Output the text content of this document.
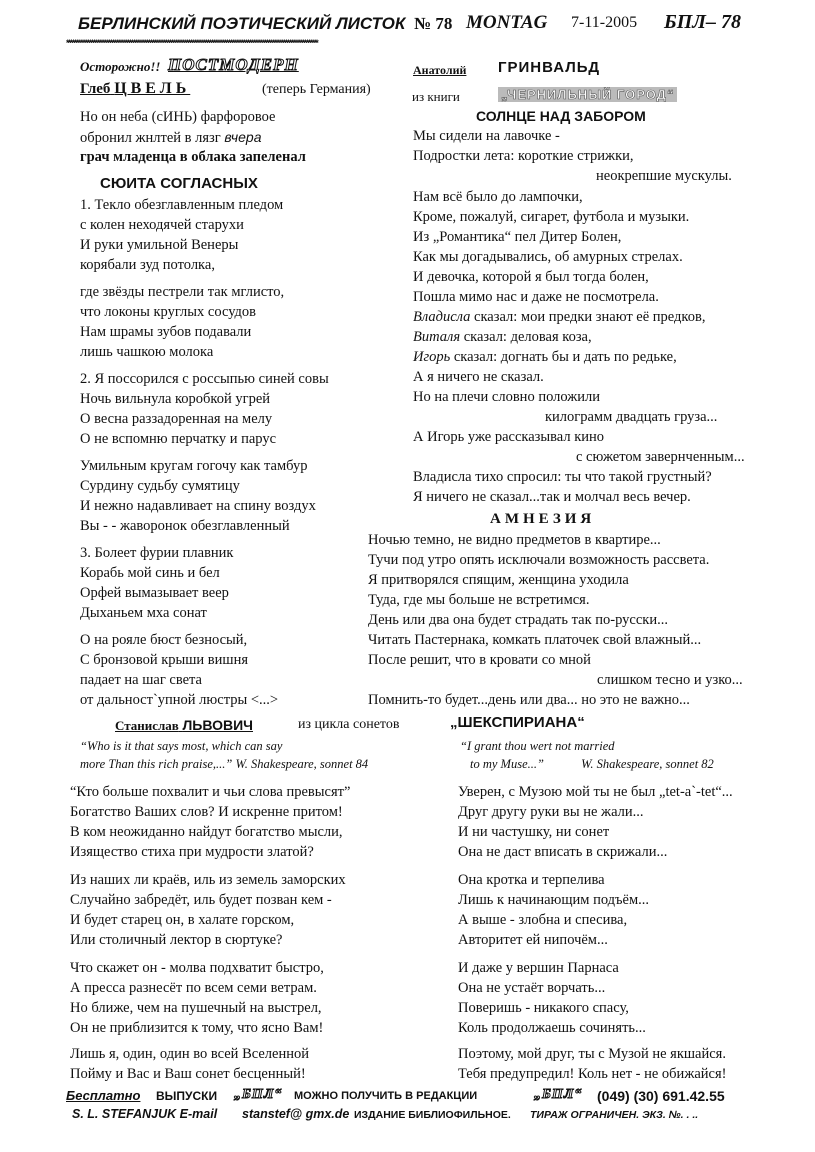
БЕРЛИНСКИЙ ПОЭТИЧЕСКИЙ ЛИСТОК № 78 MONTAG 7-11-2005 БПЛ– 78
************************************************************************************************************************************
Осторожно!! ПОСТМОДЕРН
Глеб ЦВЕЛЬ	(теперь Германия)
Но он неба (сИНЬ) фарфоровое
обронил жнлтей в лязг вчера
грач младенца в облака запеленал
СЮИТА СОГЛАСНЫХ
1. Текло обезглавленным пледом
с колен неходячей старухи
И руки умильной Венеры
корябали зуд потолка,
где звёзды пестрели так мглисто,
что локоны круглых сосудов
Нам шрамы зубов подавали
лишь чашкою молока
2. Я поссорился с россыпью синей совы
Ночь вильнула коробкой угрей
О весна раззадоренная на мелу
О не вспомню перчатку и парус
Умильным кругам гогочу как тамбур
Сурдину судьбу сумятицу
И нежно надавливает на спину воздух
Вы - - жаворонок обезглавленный
3. Болеет фурии плавник
Корабь мой синь и бел
Орфей вымазывает веер
Дыханьем мха сонат
О на рояле бюст безносый,
С бронзовой крыши вишня
падает на шаг света
от дальност`упной люстры <...>
Анатолий ГРИНВАЛЬД
из книги	„ЧЕРНИЛЬНЫЙ ГОРОД“
СОЛНЦЕ НАД ЗАБОРОМ
Мы сидели на лавочке -
Подростки лета: короткие стрижки,
неокрепшие мускулы.
Нам всё было до лампочки,
Кроме, пожалуй, сигарет, футбола и музыки.
Из „Романтика“ пел Дитер Болен,
Как мы догадывались, об амурных стрелах.
И девочка, которой я был тогда болен,
Пошла мимо нас и даже не посмотрела.
Владисла сказал: мои предки знают её предков,
Виталя сказал: деловая коза,
Игорь сказал: догнать бы и дать по редьке,
А я ничего не сказал.
Но на плечи словно положили
килограмм двадцать груза...
А Игорь уже рассказывал кино
с сюжетом завернченным...
Владисла тихо спросил: ты что такой грустный?
Я ничего не сказал...так и молчал весь вечер.
АМНЕЗИЯ
Ночью темно, не видно предметов в квартире...
Тучи под утро опять исключали возможность рассвета.
Я притворялся спящим, женщина уходила
Туда, где мы больше не встретимся.
День или два она будет страдать так по-русски...
Читать Пастернака, комкать платочек свой влажный...
После решит, что в кровати со мной
слишком тесно и узко...
Помнить-то будет...день или два... но это не важно...
Станислав ЛЬВОВИЧ	из цикла сонетов	„ШЕКСПИРИАНА“
“Who is it that says most, which can say
more Than this rich praise,...” W. Shakespeare, sonnet 84
“I grant thou wert not married
to my Muse...”	W. Shakespeare, sonnet 82
“Кто больше похвалит и чьи слова превысят”
Богатство Ваших слов? И искренне притом!
В ком неожиданно найдут богатство мысли,
Изящество стиха при мудрости златой?
Из наших ли краёв, иль из земель заморских
Случайно забредёт, иль будет позван кем -
И будет старец он, в халате горском,
Или столичный лектор в сюртуке?
Что скажет он - молва подхватит быстро,
А пресса разнесёт по всем семи ветрам.
Но ближе, чем на пушечный на выстрел,
Он не приблизится к тому, что ясно Вам!
Лишь я, один, один во всей Вселенной
Пойму и Вас и Ваш сонет бесценный!
Уверен, с Музою мой ты не был „tet-a`-tet“...
Друг другу руки вы не жали...
И ни частушку, ни сонет
Она не даст вписать в скрижали...
Она кротка и терпелива
Лишь к начинающим подъём...
А выше - злобна и спесива,
Авторитет ей нипочём...
И даже у вершин Парнаса
Она не устаёт ворчать...
Поверишь - никакого спасу,
Коль продолжаешь сочинять...
Поэтому, мой друг, ты с Музой не якшайся.
Тебя предупредил! Коль нет - не обижайся!
Бесплатно ВЫПУСКИ „БПЛ“ МОЖНО ПОЛУЧИТЬ В РЕДАКЦИИ	„БПЛ“ (049) (30) 691.42.55
S. L. STEFANJUK E-mail stanstef@ gmx.de ИЗДАНИЕ БИБЛИОФИЛЬНОЕ. ТИРАЖ ОГРАНИЧЕН. ЭКЗ. №. . ..
